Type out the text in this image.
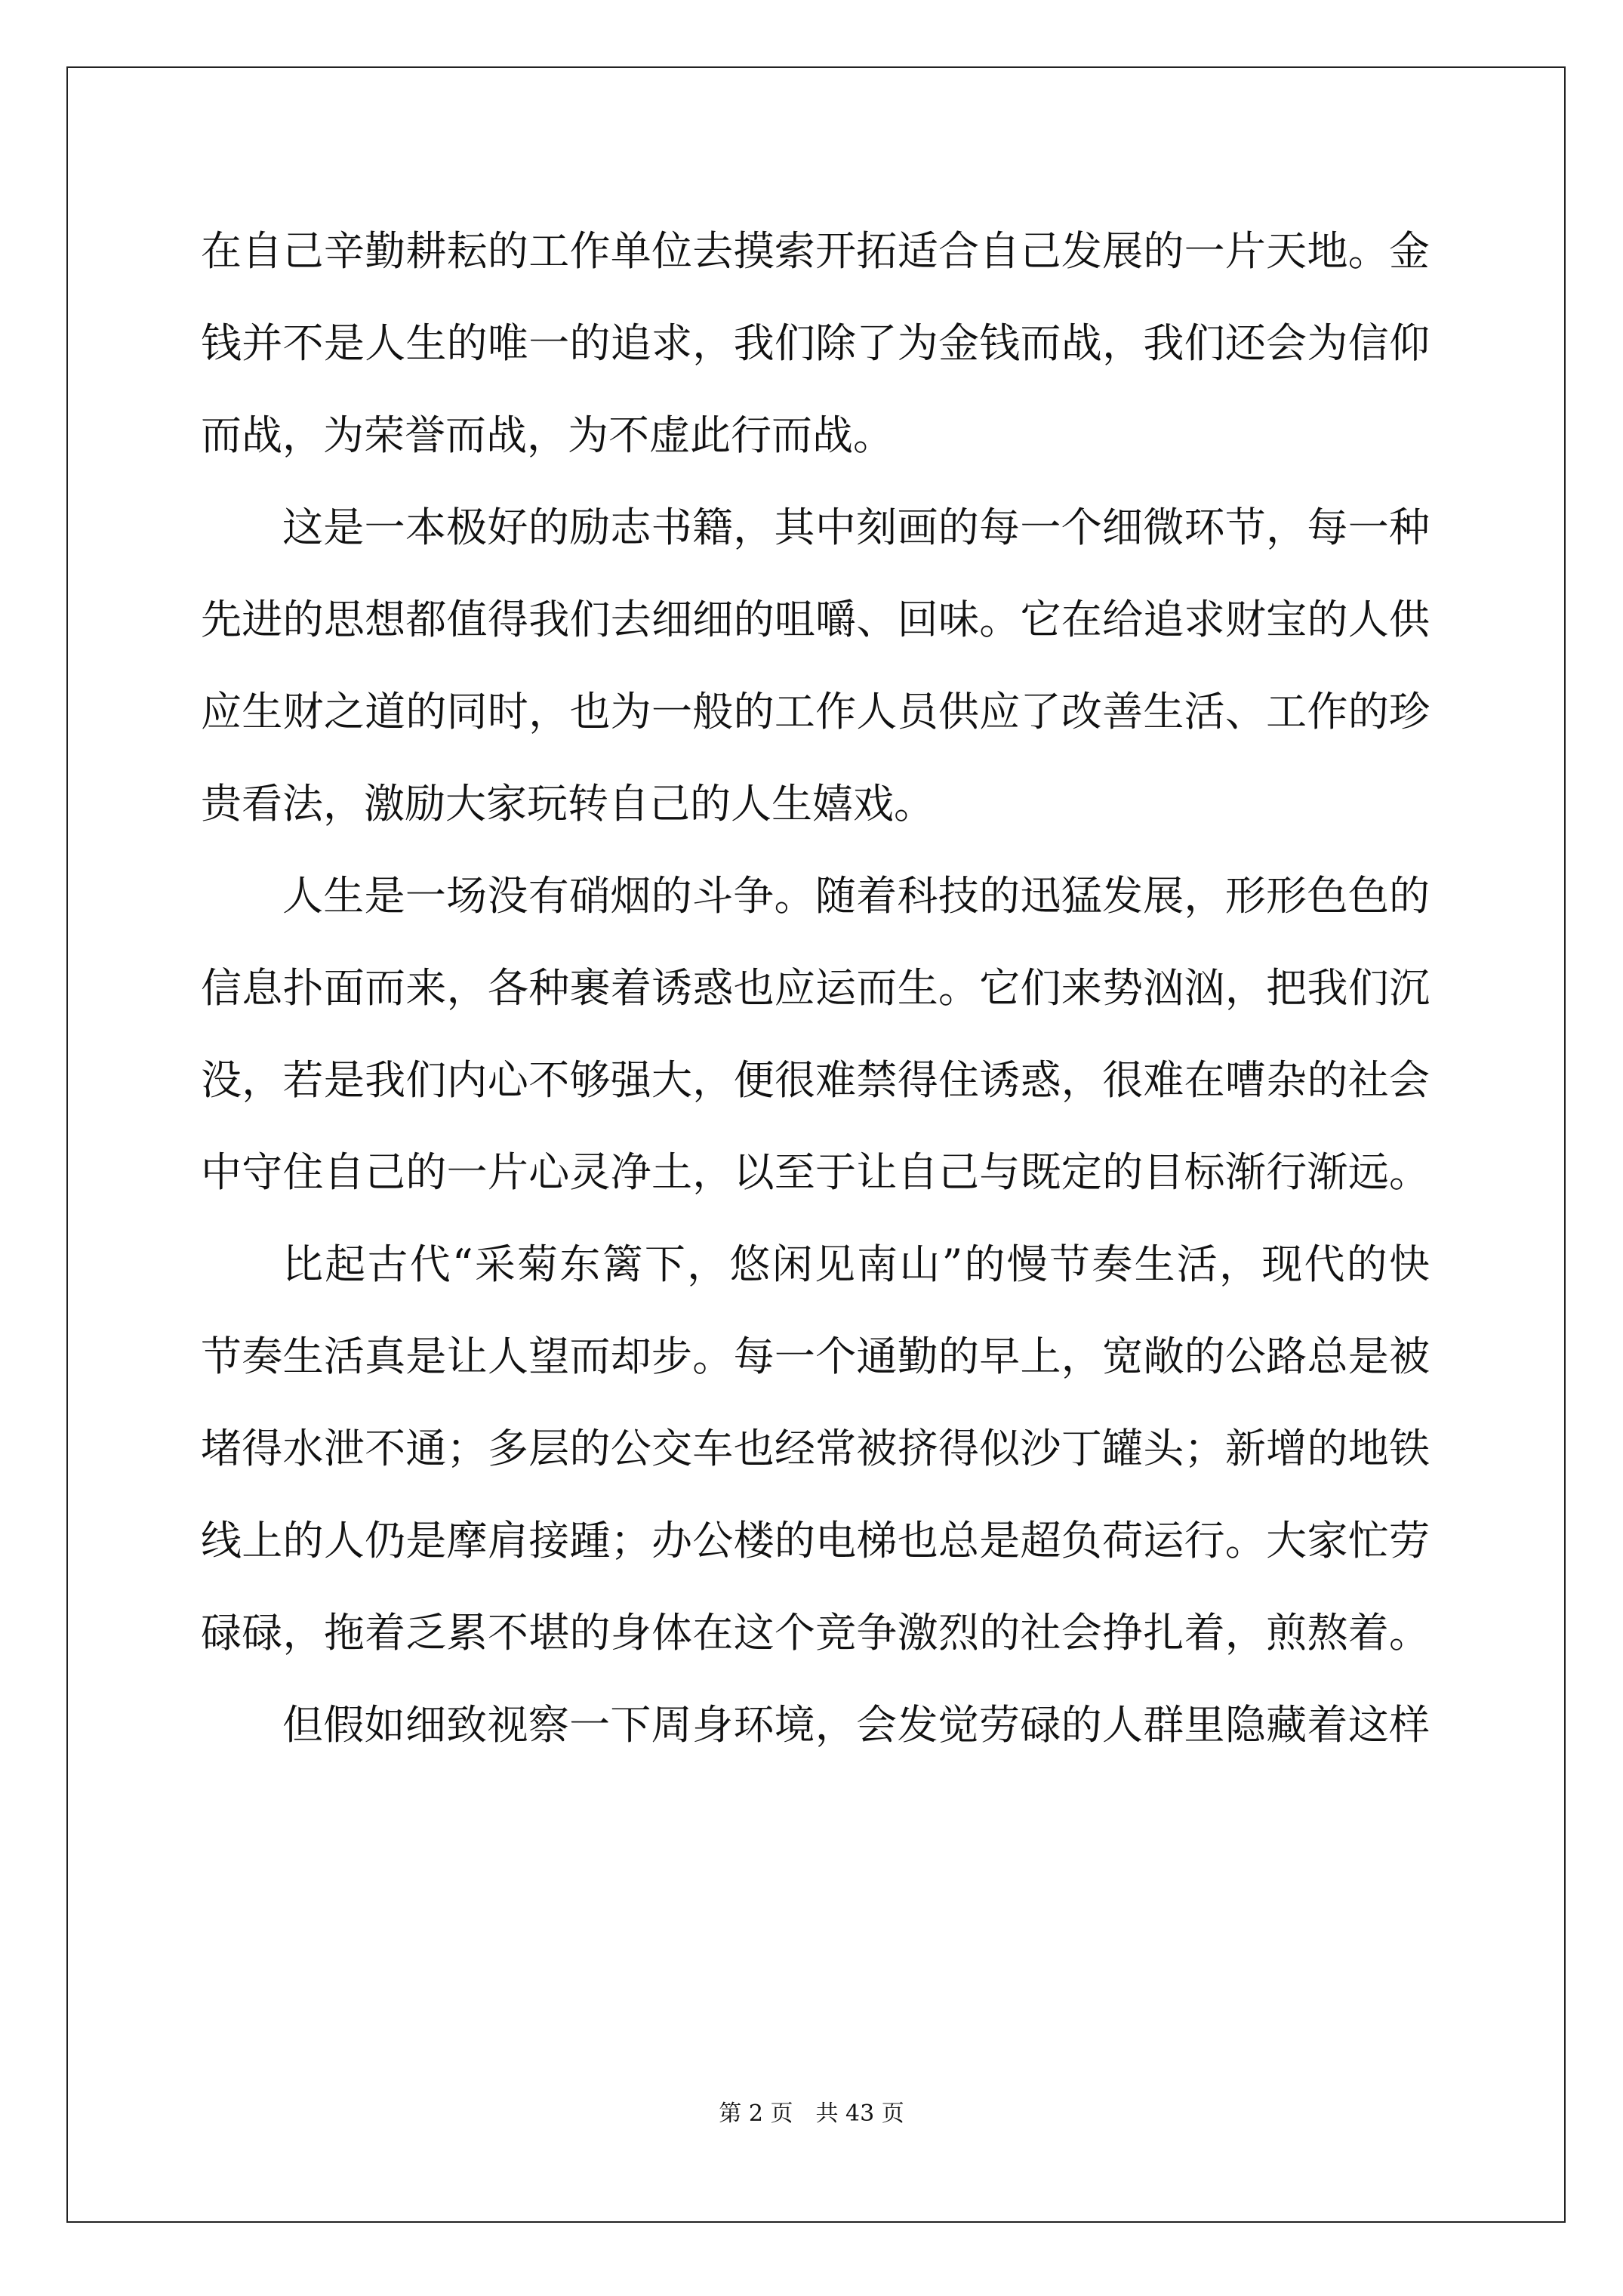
在自己辛勤耕耘的工作单位去摸索开拓适合自己发展的一片天地。金
钱并不是人生的唯一的追求，我们除了为金钱而战，我们还会为信仰
而战，为荣誉而战，为不虚此行而战。
这是一本极好的励志书籍，其中刻画的每一个细微环节，每一种
先进的思想都值得我们去细细的咀嚼、回味。它在给追求财宝的人供
应生财之道的同时，也为一般的工作人员供应了改善生活、工作的珍
贵看法，激励大家玩转自己的人生嬉戏。
人生是一场没有硝烟的斗争。随着科技的迅猛发展，形形色色的
信息扑面而来，各种裹着诱惑也应运而生。它们来势汹汹，把我们沉
没，若是我们内心不够强大，便很难禁得住诱惑，很难在嘈杂的社会
中守住自己的一片心灵净土，以至于让自己与既定的目标渐行渐远。
比起古代“采菊东篱下，悠闲见南山”的慢节奏生活，现代的快
节奏生活真是让人望而却步。每一个通勤的早上，宽敞的公路总是被
堵得水泄不通；多层的公交车也经常被挤得似沙丁罐头；新增的地铁
线上的人仍是摩肩接踵；办公楼的电梯也总是超负荷运行。大家忙劳
碌碌，拖着乏累不堪的身体在这个竞争激烈的社会挣扎着，煎熬着。
但假如细致视察一下周身环境，会发觉劳碌的人群里隐藏着这样
第 2 页 共 43 页
